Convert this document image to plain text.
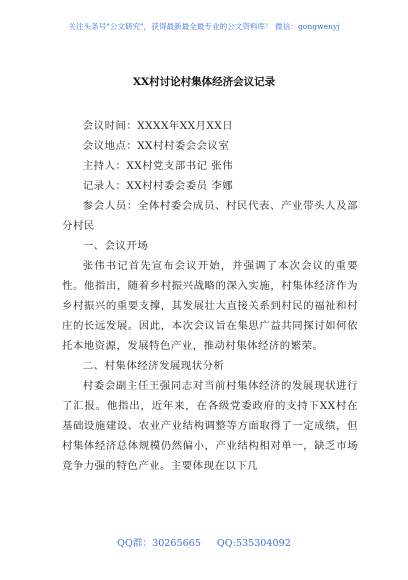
关注头条号"公文研究"，获得最新最全最专业的公文资料库！ 微信：gongwenyj
XX村讨论村集体经济会议记录

会议时间：XXXX年XX月XX日

会议地点：XX村村委会会议室

主持人：XX村党支部书记 张伟

记录人：XX村村委会委员 李娜

参会人员：全体村委会成员、村民代表、产业带头人及部分村民

一、会议开场

张伟书记首先宣布会议开始，并强调了本次会议的重要性。他指出，随着乡村振兴战略的深入实施，村集体经济作为乡村振兴的重要支撑，其发展壮大直接关系到村民的福祉和村庄的长远发展。因此，本次会议旨在集思广益共同探讨如何依托本地资源，发展特色产业，推动村集体经济的繁荣。

二、村集体经济发展现状分析

村委会副主任王强同志对当前村集体经济的发展现状进行了汇报。他指出，近年来，在各级党委政府的支持下XX村在基础设施建设、农业产业结构调整等方面取得了一定成绩，但村集体经济总体规模仍然偏小，产业结构相对单一，缺乏市场竞争力强的特色产业。主要体现在以下几

QQ群：30265665 QQ:535304092
